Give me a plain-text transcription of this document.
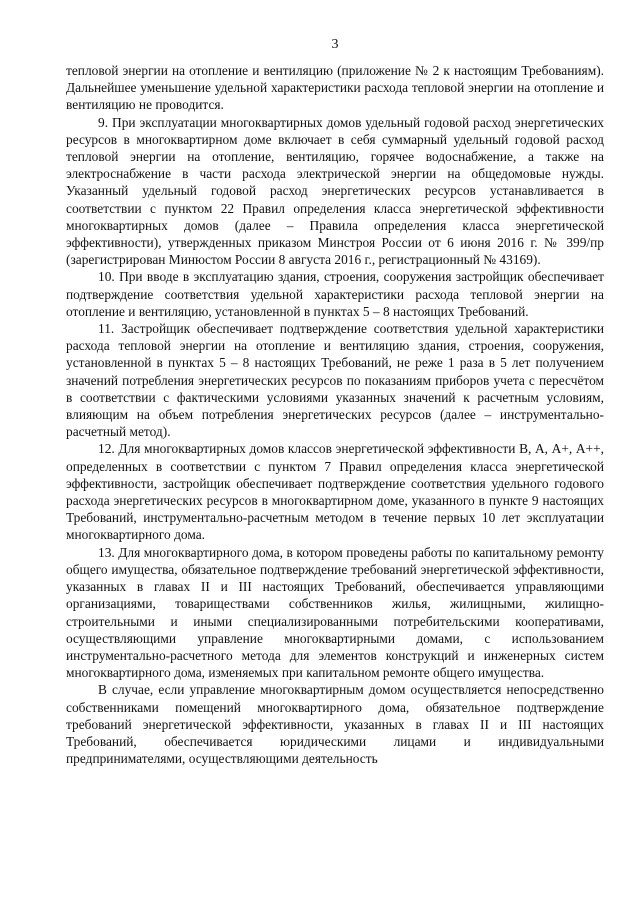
3

тепловой энергии на отопление и вентиляцию (приложение № 2 к настоящим Требованиям). Дальнейшее уменьшение удельной характеристики расхода тепловой энергии на отопление и вентиляцию не проводится.

9. При эксплуатации многоквартирных домов удельный годовой расход энергетических ресурсов в многоквартирном доме включает в себя суммарный удельный годовой расход тепловой энергии на отопление, вентиляцию, горячее водоснабжение, а также на электроснабжение в части расхода электрической энергии на общедомовые нужды. Указанный удельный годовой расход энергетических ресурсов устанавливается в соответствии с пунктом 22 Правил определения класса энергетической эффективности многоквартирных домов (далее – Правила определения класса энергетической эффективности), утвержденных приказом Минстроя России от 6 июня 2016 г. № 399/пр (зарегистрирован Минюстом России 8 августа 2016 г., регистрационный № 43169).

10. При вводе в эксплуатацию здания, строения, сооружения застройщик обеспечивает подтверждение соответствия удельной характеристики расхода тепловой энергии на отопление и вентиляцию, установленной в пунктах 5 – 8 настоящих Требований.

11. Застройщик обеспечивает подтверждение соответствия удельной характеристики расхода тепловой энергии на отопление и вентиляцию здания, строения, сооружения, установленной в пунктах 5 – 8 настоящих Требований, не реже 1 раза в 5 лет получением значений потребления энергетических ресурсов по показаниям приборов учета с пересчётом в соответствии с фактическими условиями указанных значений к расчетным условиям, влияющим на объем потребления энергетических ресурсов (далее – инструментально-расчетный метод).

12. Для многоквартирных домов классов энергетической эффективности В, А, А+, А++, определенных в соответствии с пунктом 7 Правил определения класса энергетической эффективности, застройщик обеспечивает подтверждение соответствия удельного годового расхода энергетических ресурсов в многоквартирном доме, указанного в пункте 9 настоящих Требований, инструментально-расчетным методом в течение первых 10 лет эксплуатации многоквартирного дома.

13. Для многоквартирного дома, в котором проведены работы по капитальному ремонту общего имущества, обязательное подтверждение требований энергетической эффективности, указанных в главах II и III настоящих Требований, обеспечивается управляющими организациями, товариществами собственников жилья, жилищными, жилищно-строительными и иными специализированными потребительскими кооперативами, осуществляющими управление многоквартирными домами, с использованием инструментально-расчетного метода для элементов конструкций и инженерных систем многоквартирного дома, изменяемых при капитальном ремонте общего имущества.

В случае, если управление многоквартирным домом осуществляется непосредственно собственниками помещений многоквартирного дома, обязательное подтверждение требований энергетической эффективности, указанных в главах II и III настоящих Требований, обеспечивается юридическими лицами и индивидуальными предпринимателями, осуществляющими деятельность
